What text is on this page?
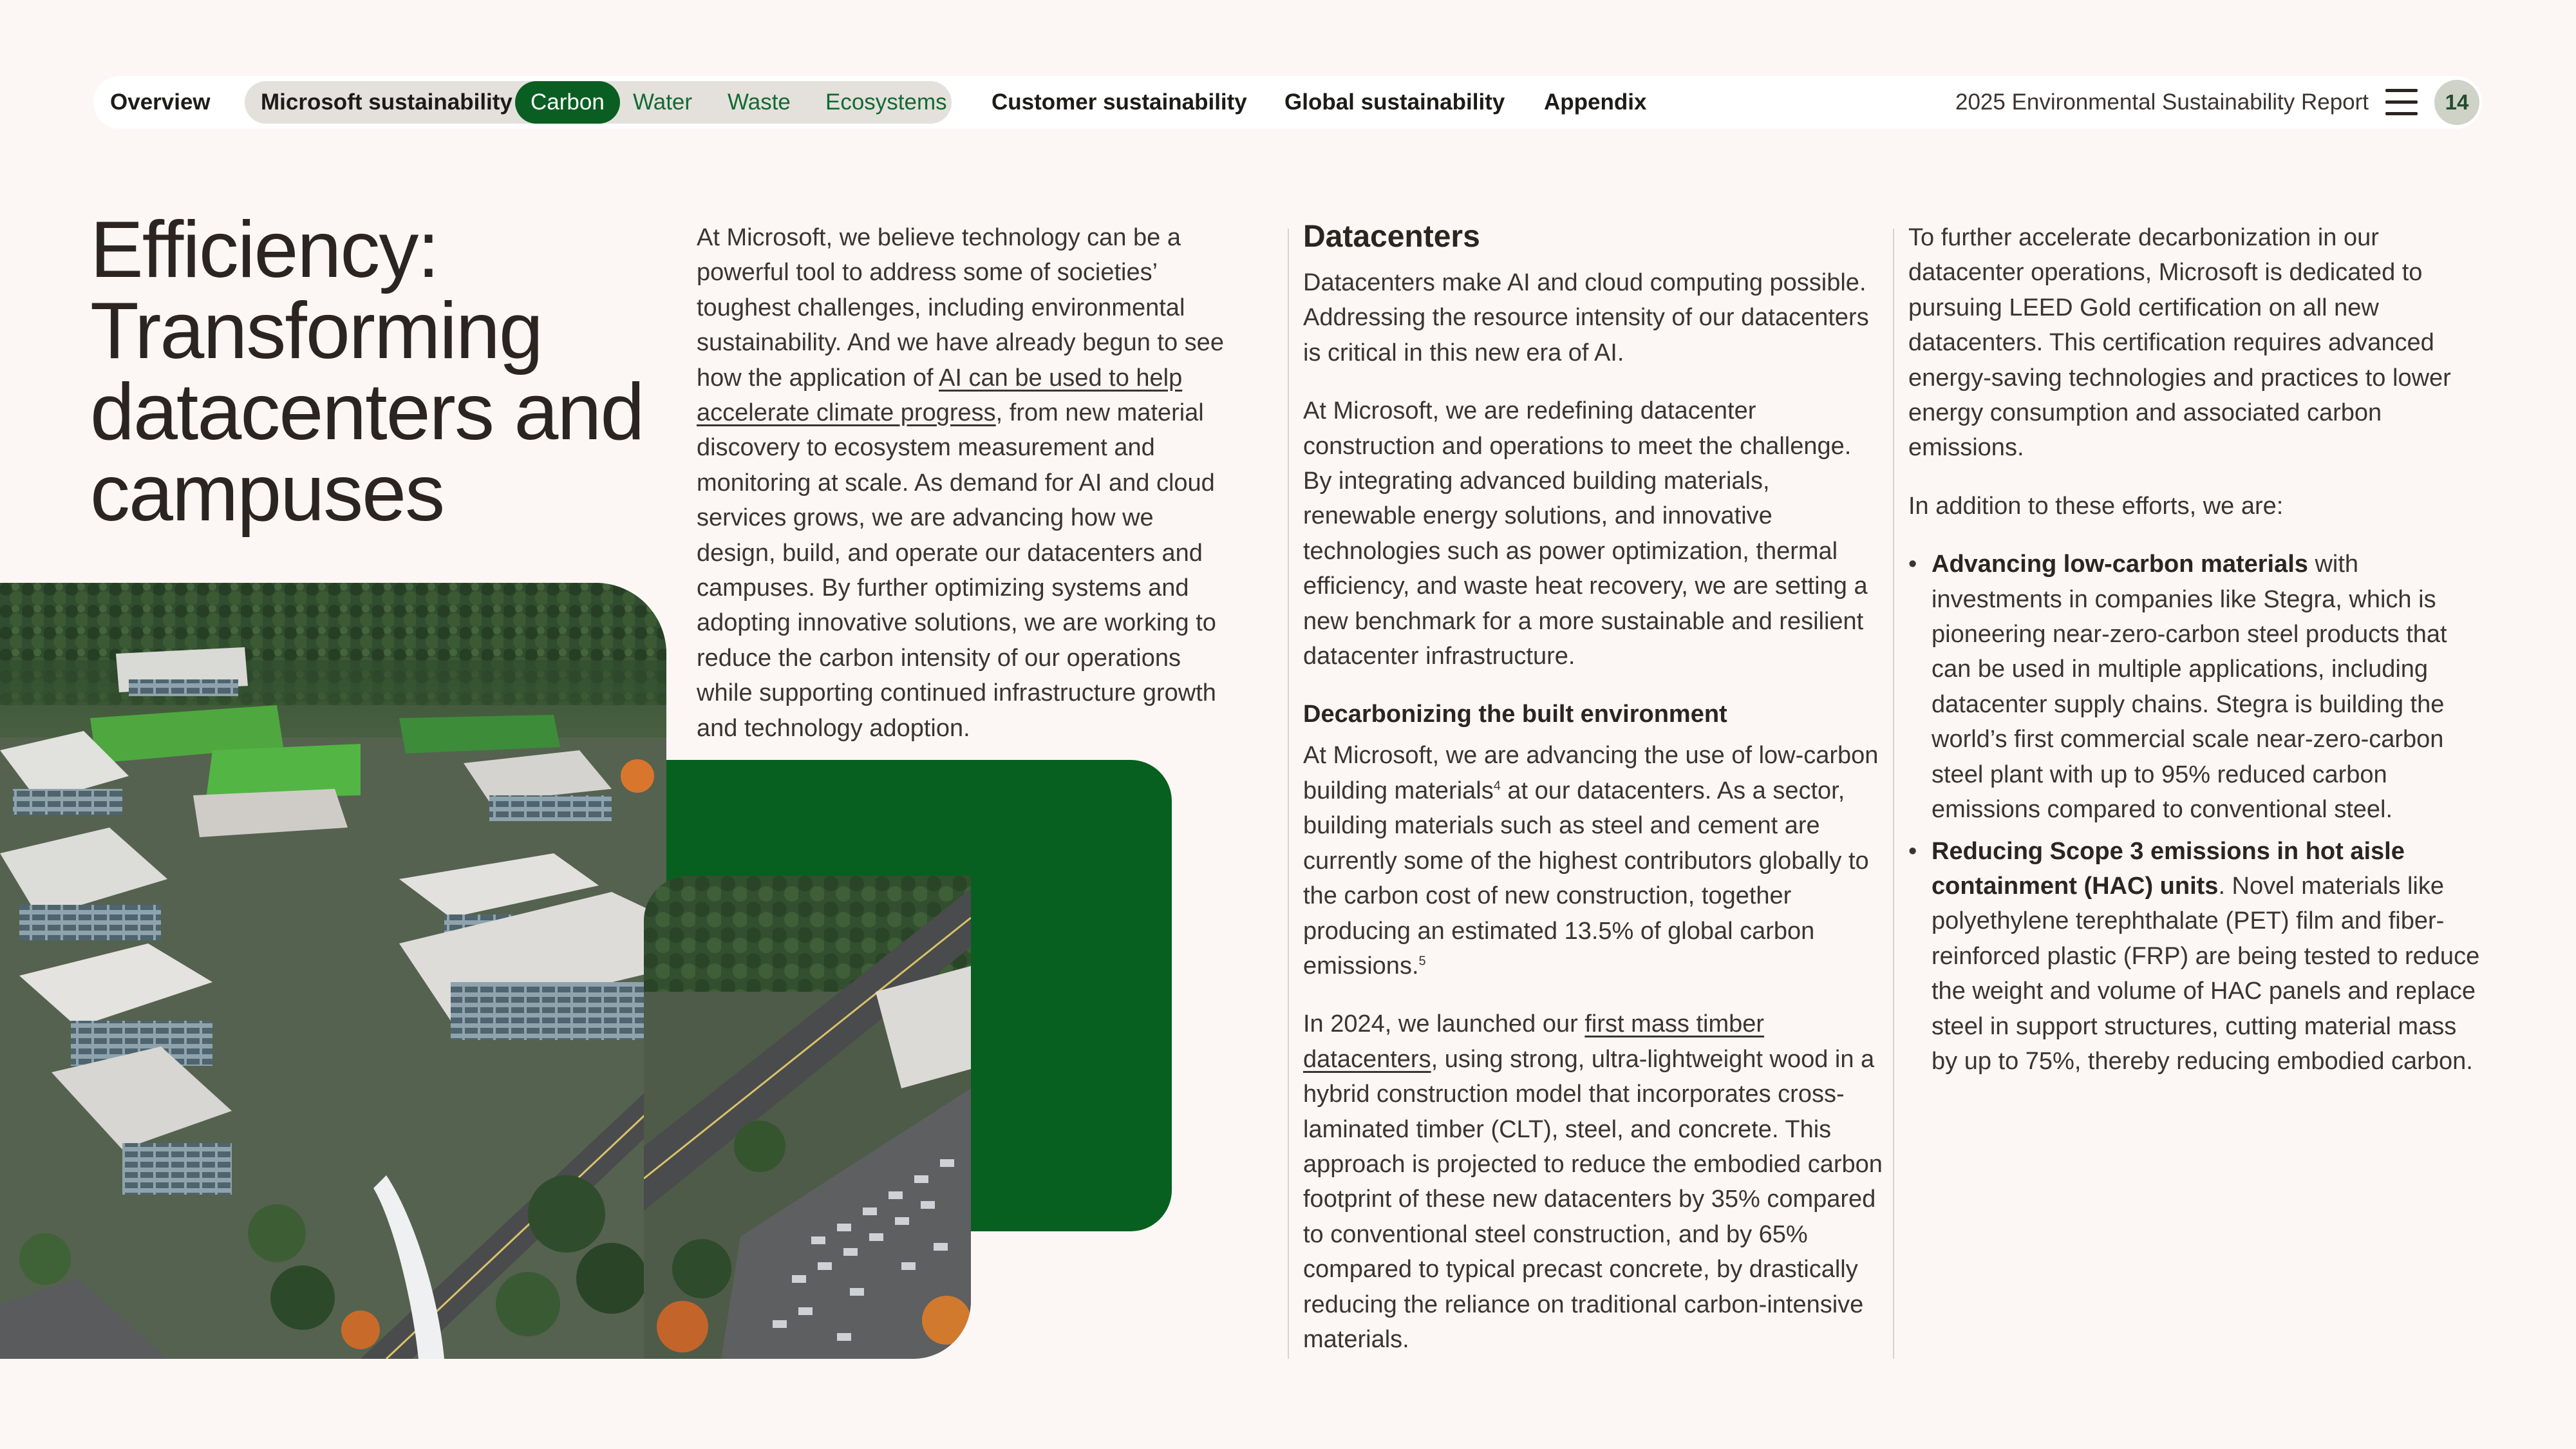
Overview Microsoft sustainability Carbon	Water Waste Ecosystems Customer sustainability Global sustainability Appendix	2025 Environmental Sustainability Report	14
Efficiency: Transforming datacenters and campuses

At Microsoft, we believe technology can be a powerful tool to address some of societies’ toughest challenges, including environmental sustainability. And we have already begun to see how the application of AI can be used to help accelerate climate progress, from new material discovery to ecosystem measurement and monitoring at scale. As demand for AI and cloud services grows, we are advancing how we design, build, and operate our datacenters and campuses. By further optimizing systems and adopting innovative solutions, we are working to reduce the carbon intensity of our operations while supporting continued infrastructure growth and technology adoption.

Datacenters

Datacenters make AI and cloud computing possible. Addressing the resource intensity of our datacenters is critical in this new era of AI.

At Microsoft, we are redefining datacenter construction and operations to meet the challenge. By integrating advanced building materials, renewable energy solutions, and innovative technologies such as power optimization, thermal efficiency, and waste heat recovery, we are setting a new benchmark for a more sustainable and resilient datacenter infrastructure.

Decarbonizing the built environment

At Microsoft, we are advancing the use of low-carbon building materials$^4$ at our datacenters. As a sector, building materials such as steel and cement are currently some of the highest contributors globally to the carbon cost of new construction, together producing an estimated 13.5% of global carbon emissions.$^5$

In 2024, we launched our first mass timber datacenters, using strong, ultra-lightweight wood in a hybrid construction model that incorporates cross-laminated timber (CLT), steel, and concrete. This approach is projected to reduce the embodied carbon footprint of these new datacenters by 35% compared to conventional steel construction, and by 65% compared to typical precast concrete, by drastically reducing the reliance on traditional carbon-intensive materials.

To further accelerate decarbonization in our datacenter operations, Microsoft is dedicated to pursuing LEED Gold certification on all new datacenters. This certification requires advanced energy-saving technologies and practices to lower energy consumption and associated carbon emissions.

In addition to these efforts, we are:

• Advancing low-carbon materials with investments in companies like Stegra, which is pioneering near-zero-carbon steel products that can be used in multiple applications, including datacenter supply chains. Stegra is building the world’s first commercial scale near-zero-carbon steel plant with up to 95% reduced carbon emissions compared to conventional steel.
• Reducing Scope 3 emissions in hot aisle containment (HAC) units. Novel materials like polyethylene terephthalate (PET) film and fiber-reinforced plastic (FRP) are being tested to reduce the weight and volume of HAC panels and replace steel in support structures, cutting material mass by up to 75%, thereby reducing embodied carbon.
